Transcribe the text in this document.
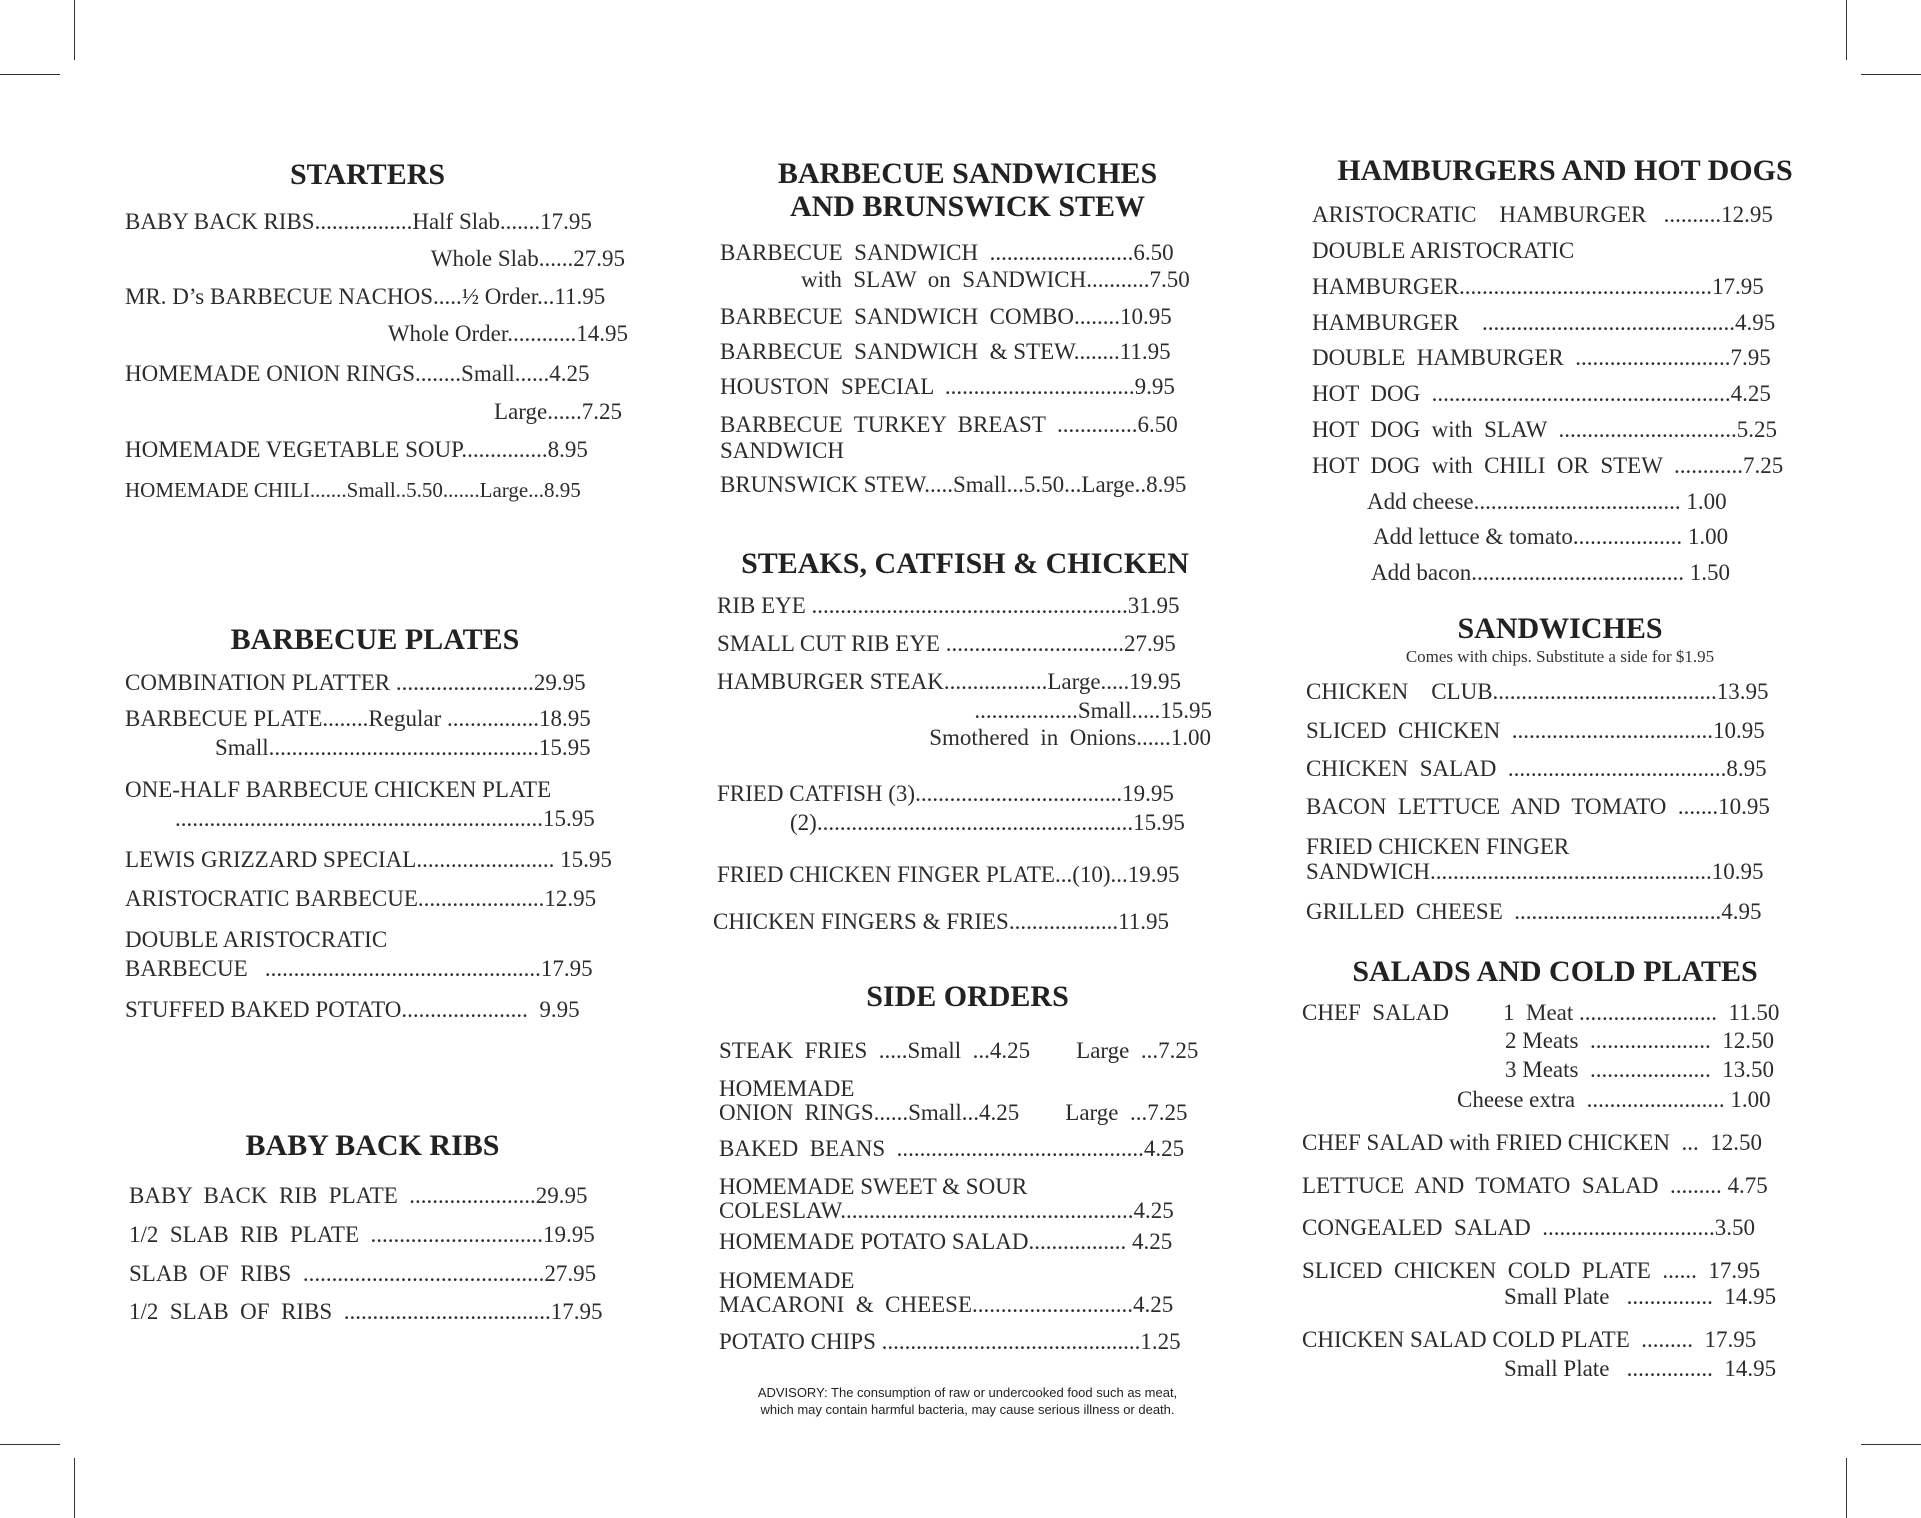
STARTERS
BABY BACK RIBS.................Half Slab.......17.95
Whole Slab......27.95
MR. D’s BARBECUE NACHOS.....½ Order...11.95
Whole Order............14.95
HOMEMADE ONION RINGS........Small......4.25
Large......7.25
HOMEMADE VEGETABLE SOUP...............8.95
HOMEMADE CHILI.......Small..5.50.......Large...8.95
BARBECUE PLATES
COMBINATION PLATTER ........................29.95
BARBECUE PLATE........Regular ................18.95
Small...............................................15.95
ONE-HALF BARBECUE CHICKEN PLATE
................................................................15.95
LEWIS GRIZZARD SPECIAL........................ 15.95
ARISTOCRATIC BARBECUE......................12.95
DOUBLE ARISTOCRATIC
BARBECUE   ................................................17.95
STUFFED BAKED POTATO......................  9.95
BABY BACK RIBS
BABY  BACK  RIB  PLATE  ......................29.95
1/2  SLAB  RIB  PLATE  ..............................19.95
SLAB  OF  RIBS  ..........................................27.95
1/2  SLAB  OF  RIBS  ....................................17.95
BARBECUE SANDWICHES
AND BRUNSWICK STEW
BARBECUE  SANDWICH  .........................6.50
with  SLAW  on  SANDWICH...........7.50
BARBECUE  SANDWICH  COMBO........10.95
BARBECUE  SANDWICH  & STEW........11.95
HOUSTON  SPECIAL  .................................9.95
BARBECUE  TURKEY  BREAST  ..............6.50
SANDWICH
BRUNSWICK STEW.....Small...5.50...Large..8.95
STEAKS, CATFISH & CHICKEN
RIB EYE .......................................................31.95
SMALL CUT RIB EYE ...............................27.95
HAMBURGER STEAK..................Large.....19.95
..................Small.....15.95
Smothered  in  Onions......1.00
FRIED CATFISH (3)....................................19.95
(2).......................................................15.95
FRIED CHICKEN FINGER PLATE...(10)...19.95
CHICKEN FINGERS & FRIES...................11.95
SIDE ORDERS
STEAK  FRIES  .....Small  ...4.25        Large  ...7.25
HOMEMADE
ONION  RINGS......Small...4.25        Large  ...7.25
BAKED  BEANS  ...........................................4.25
HOMEMADE SWEET & SOUR
COLESLAW...................................................4.25
HOMEMADE POTATO SALAD................. 4.25
HOMEMADE
MACARONI  &  CHEESE............................4.25
POTATO CHIPS .............................................1.25
ADVISORY: The consumption of raw or undercooked food such as meat,
which may contain harmful bacteria, may cause serious illness or death.
HAMBURGERS AND HOT DOGS
ARISTOCRATIC    HAMBURGER   ..........12.95
DOUBLE ARISTOCRATIC
HAMBURGER............................................17.95
HAMBURGER    ............................................4.95
DOUBLE  HAMBURGER  ...........................7.95
HOT  DOG  ....................................................4.25
HOT  DOG  with  SLAW  ...............................5.25
HOT  DOG  with  CHILI  OR  STEW  ............7.25
Add cheese.................................... 1.00
Add lettuce & tomato................... 1.00
Add bacon..................................... 1.50
SANDWICHES
Comes with chips. Substitute a side for $1.95
CHICKEN    CLUB.......................................13.95
SLICED  CHICKEN  ...................................10.95
CHICKEN  SALAD  ......................................8.95
BACON  LETTUCE  AND  TOMATO  .......10.95
FRIED CHICKEN FINGER
SANDWICH.................................................10.95
GRILLED  CHEESE  ....................................4.95
SALADS AND COLD PLATES
CHEF  SALAD 1  Meat ........................  11.50
2 Meats  .....................  12.50
3 Meats  .....................  13.50
Cheese extra  ........................ 1.00
CHEF SALAD with FRIED CHICKEN  ...  12.50
LETTUCE  AND  TOMATO  SALAD  ......... 4.75
CONGEALED  SALAD  ..............................3.50
SLICED  CHICKEN  COLD  PLATE  ......  17.95
Small Plate   ...............  14.95
CHICKEN SALAD COLD PLATE  .........  17.95
Small Plate   ...............  14.95
